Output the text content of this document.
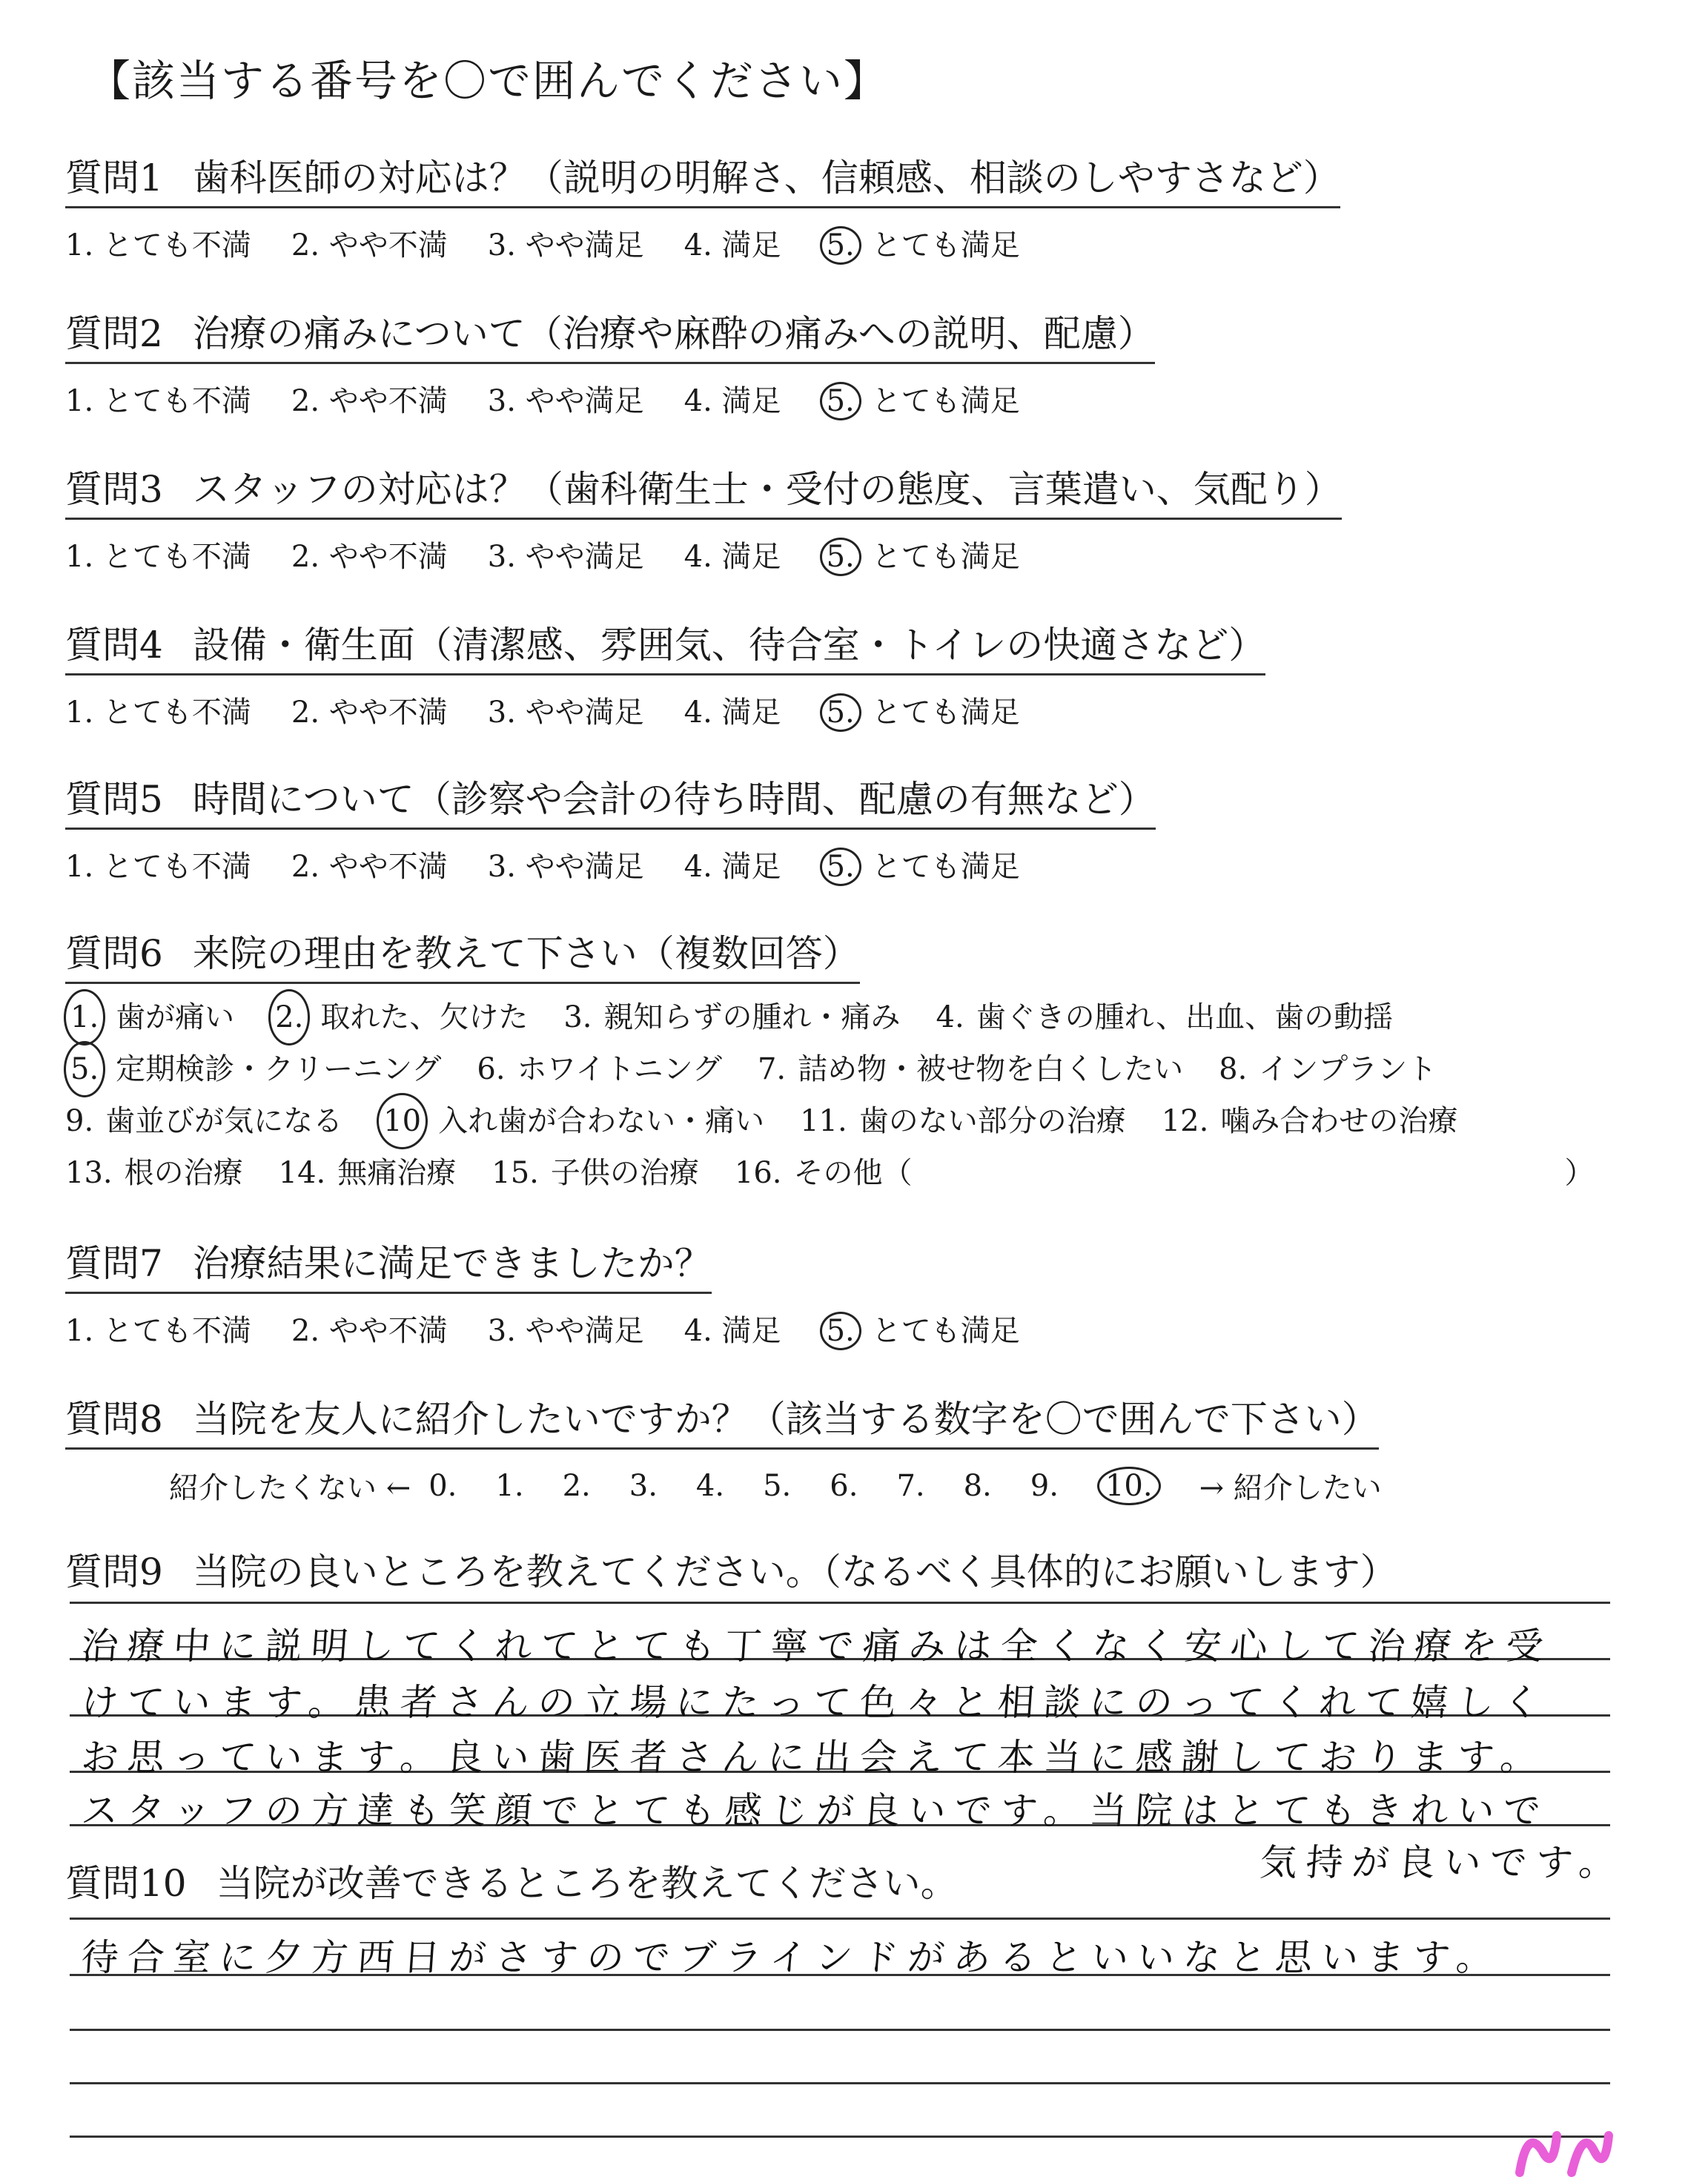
【該当する番号を〇で囲んでください】
質問1 歯科医師の対応は？（説明の明解さ、信頼感、相談のしやすさなど）
1. とても不満 2. やや不満 3. やや満足 4. 満足 5. とても満足
質問2 治療の痛みについて（治療や麻酔の痛みへの説明、配慮）
1. とても不満 2. やや不満 3. やや満足 4. 満足 5. とても満足
質問3 スタッフの対応は？（歯科衛生士・受付の態度、言葉遣い、気配り）
1. とても不満 2. やや不満 3. やや満足 4. 満足 5. とても満足
質問4 設備・衛生面（清潔感、雰囲気、待合室・トイレの快適さなど）
1. とても不満 2. やや不満 3. やや満足 4. 満足 5. とても満足
質問5 時間について（診察や会計の待ち時間、配慮の有無など）
1. とても不満 2. やや不満 3. やや満足 4. 満足 5. とても満足
質問6 来院の理由を教えて下さい（複数回答）
1. 歯が痛い 2. 取れた、欠けた 3. 親知らずの腫れ・痛み 4. 歯ぐきの腫れ、出血、歯の動揺
5. 定期検診・クリーニング 6. ホワイトニング 7. 詰め物・被せ物を白くしたい 8. インプラント
9. 歯並びが気になる 10 入れ歯が合わない・痛い 11. 歯のない部分の治療 12. 噛み合わせの治療
13. 根の治療 14. 無痛治療 15. 子供の治療 16. その他（　　　　　　　　　　　　　　　　　　　　　　）
質問7 治療結果に満足できましたか？
1. とても不満 2. やや不満 3. やや満足 4. 満足 5. とても満足
質問8 当院を友人に紹介したいですか？（該当する数字を〇で囲んで下さい）
紹介したくない ← 0. 1. 2. 3. 4. 5. 6. 7. 8. 9. 10. → 紹介したい
質問9 当院の良いところを教えてください。（なるべく具体的にお願いします）
治療中に説明してくれてとても丁寧で痛みは全くなく安心して治療を受
けています。患者さんの立場にたって色々と相談にのってくれて嬉しく
お思っています。良い歯医者さんに出会えて本当に感謝しております。
スタッフの方達も笑顔でとても感じが良いです。当院はとてもきれいで
気持が良いです。
質問10 当院が改善できるところを教えてください。
待合室に夕方西日がさすのでブラインドがあるといいなと思います。
